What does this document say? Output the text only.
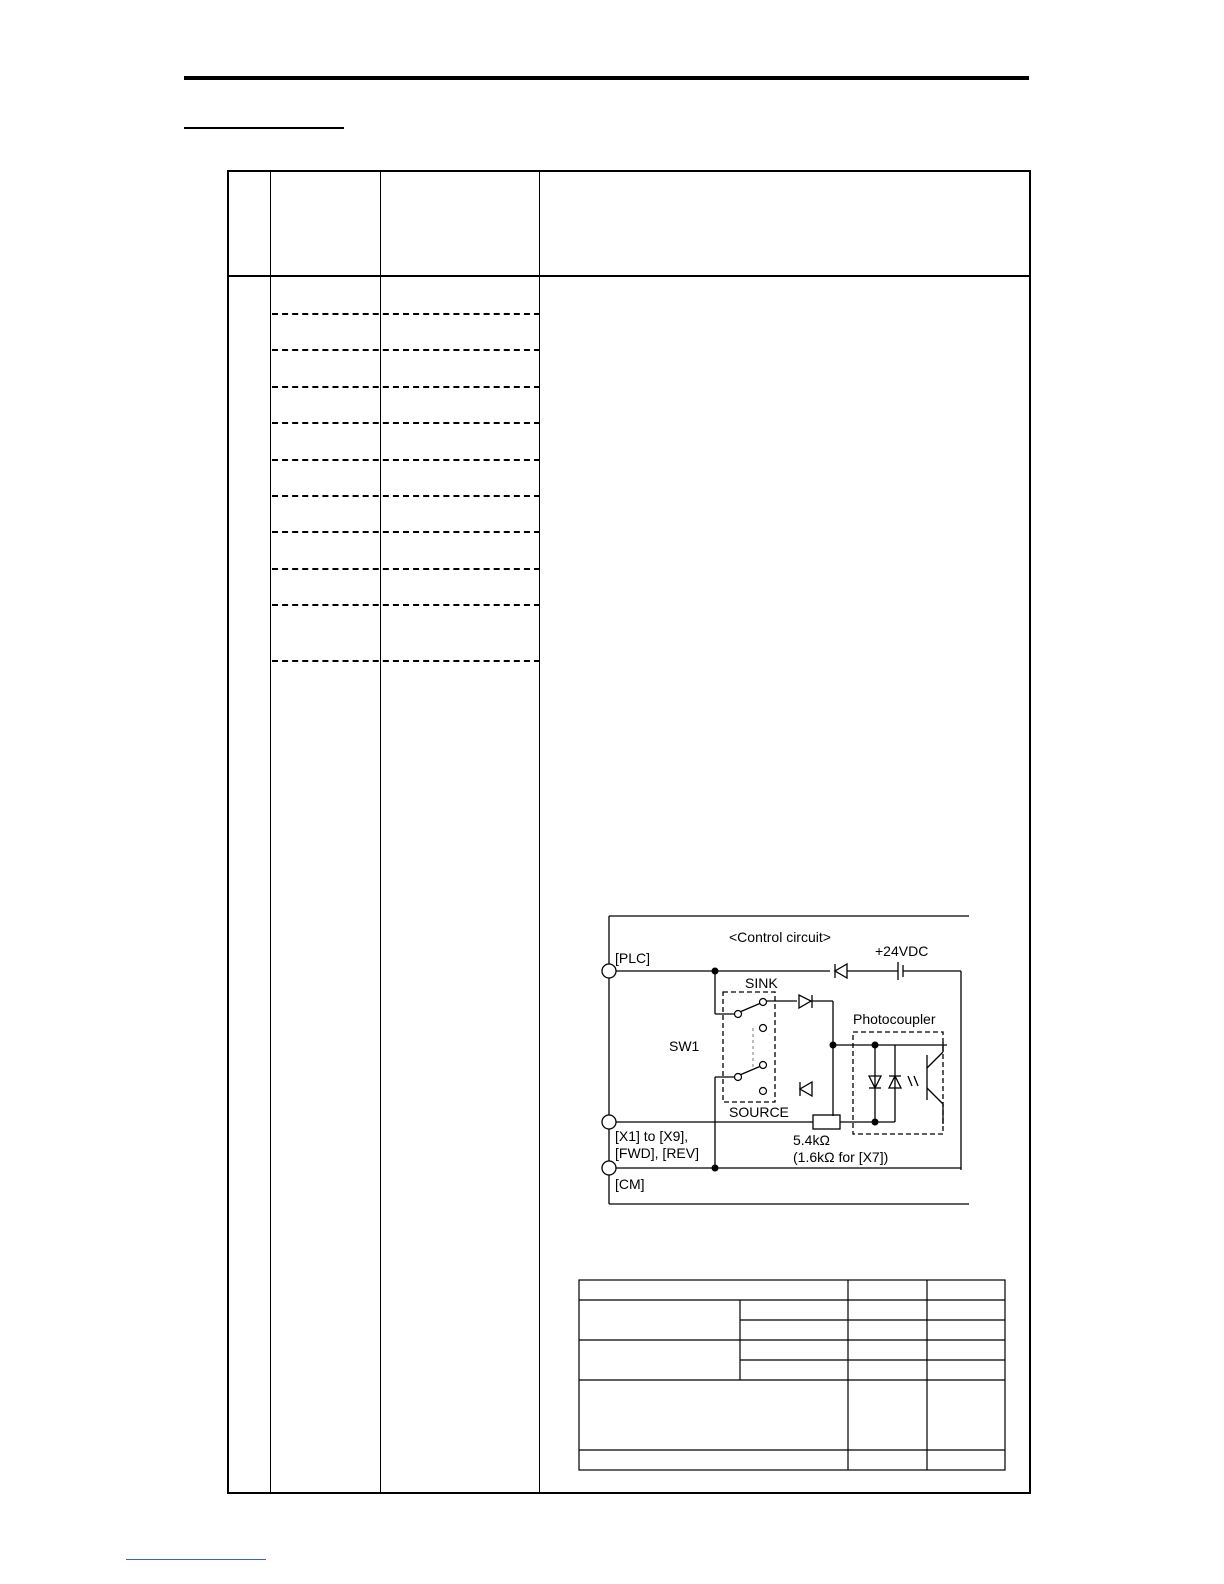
<Control circuit>
+24VDC
[PLC]
SINK
SW1
SOURCE
Photocoupler
[X1] to [X9],
[FWD], [REV]
[CM]
5.4kΩ
(1.6kΩ for [X7])
